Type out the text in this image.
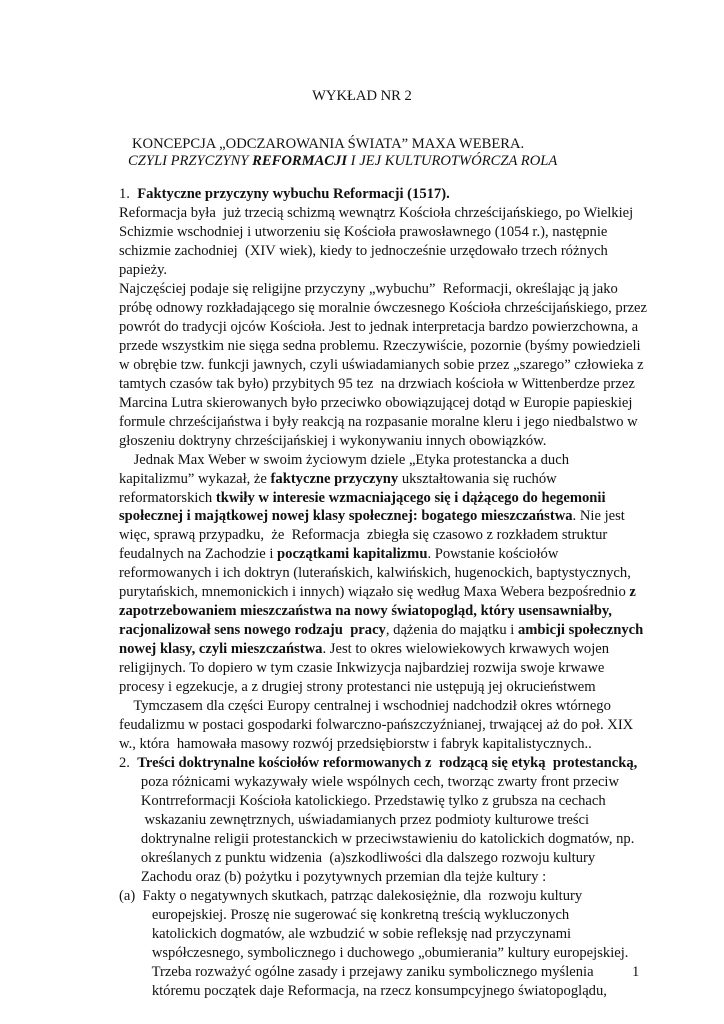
WYKŁAD NR 2
KONCEPCJA „ODCZAROWANIA ŚWIATA” MAXA WEBERA.
CZYLI PRZYCZYNY REFORMACJI I JEJ KULTUROTWÓRCZA ROLA
1.  Faktyczne przyczyny wybuchu Reformacji (1517).
Reformacja była  już trzecią schizmą wewnątrz Kościoła chrześcijańskiego, po Wielkiej
Schizmie wschodniej i utworzeniu się Kościoła prawosławnego (1054 r.), następnie
schizmie zachodniej  (XIV wiek), kiedy to jednocześnie urzędowało trzech różnych
papieży.
Najczęściej podaje się religijne przyczyny „wybuchu”  Reformacji, określając ją jako
próbę odnowy rozkładającego się moralnie ówczesnego Kościoła chrześcijańskiego, przez
powrót do tradycji ojców Kościoła. Jest to jednak interpretacja bardzo powierzchowna, a
przede wszystkim nie sięga sedna problemu. Rzeczywiście, pozornie (byśmy powiedzieli
w obrębie tzw. funkcji jawnych, czyli uświadamianych sobie przez „szarego” człowieka z
tamtych czasów tak było) przybitych 95 tez  na drzwiach kościoła w Wittenberdze przez
Marcina Lutra skierowanych było przeciwko obowiązującej dotąd w Europie papieskiej
formule chrześcijaństwa i były reakcją na rozpasanie moralne kleru i jego niedbalstwo w
głoszeniu doktryny chrześcijańskiej i wykonywaniu innych obowiązków.
Jednak Max Weber w swoim życiowym dziele „Etyka protestancka a duch
kapitalizmu” wykazał, że faktyczne przyczyny ukształtowania się ruchów
reformatorskich tkwiły w interesie wzmacniającego się i dążącego do hegemonii
społecznej i majątkowej nowej klasy społecznej: bogatego mieszczaństwa. Nie jest
więc, sprawą przypadku,  że  Reformacja  zbiegła się czasowo z rozkładem struktur
feudalnych na Zachodzie i początkami kapitalizmu. Powstanie kościołów
reformowanych i ich doktryn (luterańskich, kalwińskich, hugenockich, baptystycznych,
purytańskich, mnemonickich i innych) wiązało się według Maxa Webera bezpośrednio z
zapotrzebowaniem mieszczaństwa na nowy światopogląd, który usensawniałby,
racjonalizował sens nowego rodzaju  pracy, dążenia do majątku i ambicji społecznych
nowej klasy, czyli mieszczaństwa. Jest to okres wielowiekowych krwawych wojen
religijnych. To dopiero w tym czasie Inkwizycja najbardziej rozwija swoje krwawe
procesy i egzekucje, a z drugiej strony protestanci nie ustępują jej okrucieństwem
Tymczasem dla części Europy centralnej i wschodniej nadchodził okres wtórnego
feudalizmu w postaci gospodarki folwarczno-pańszczyźnianej, trwającej aż do poł. XIX
w., która  hamowała masowy rozwój przedsiębiorstw i fabryk kapitalistycznych..
2.  Treści doktrynalne kościołów reformowanych z  rodzącą się etyką  protestancką,
poza różnicami wykazywały wiele wspólnych cech, tworząc zwarty front przeciw
Kontrreformacji Kościoła katolickiego. Przedstawię tylko z grubsza na cechach
wskazaniu zewnętrznych, uświadamianych przez podmioty kulturowe treści
doktrynalne religii protestanckich w przeciwstawieniu do katolickich dogmatów, np.
określanych z punktu widzenia  (a)szkodliwości dla dalszego rozwoju kultury
Zachodu oraz (b) pożytku i pozytywnych przemian dla tejże kultury :
(a)  Fakty o negatywnych skutkach, patrząc dalekosiężnie, dla  rozwoju kultury
europejskiej. Proszę nie sugerować się konkretną treścią wykluczonych
katolickich dogmatów, ale wzbudzić w sobie refleksję nad przyczynami
współczesnego, symbolicznego i duchowego „obumierania” kultury europejskiej.
Trzeba rozważyć ogólne zasady i przejawy zaniku symbolicznego myślenia
któremu początek daje Reformacja, na rzecz konsumpcyjnego światopoglądu,
1
